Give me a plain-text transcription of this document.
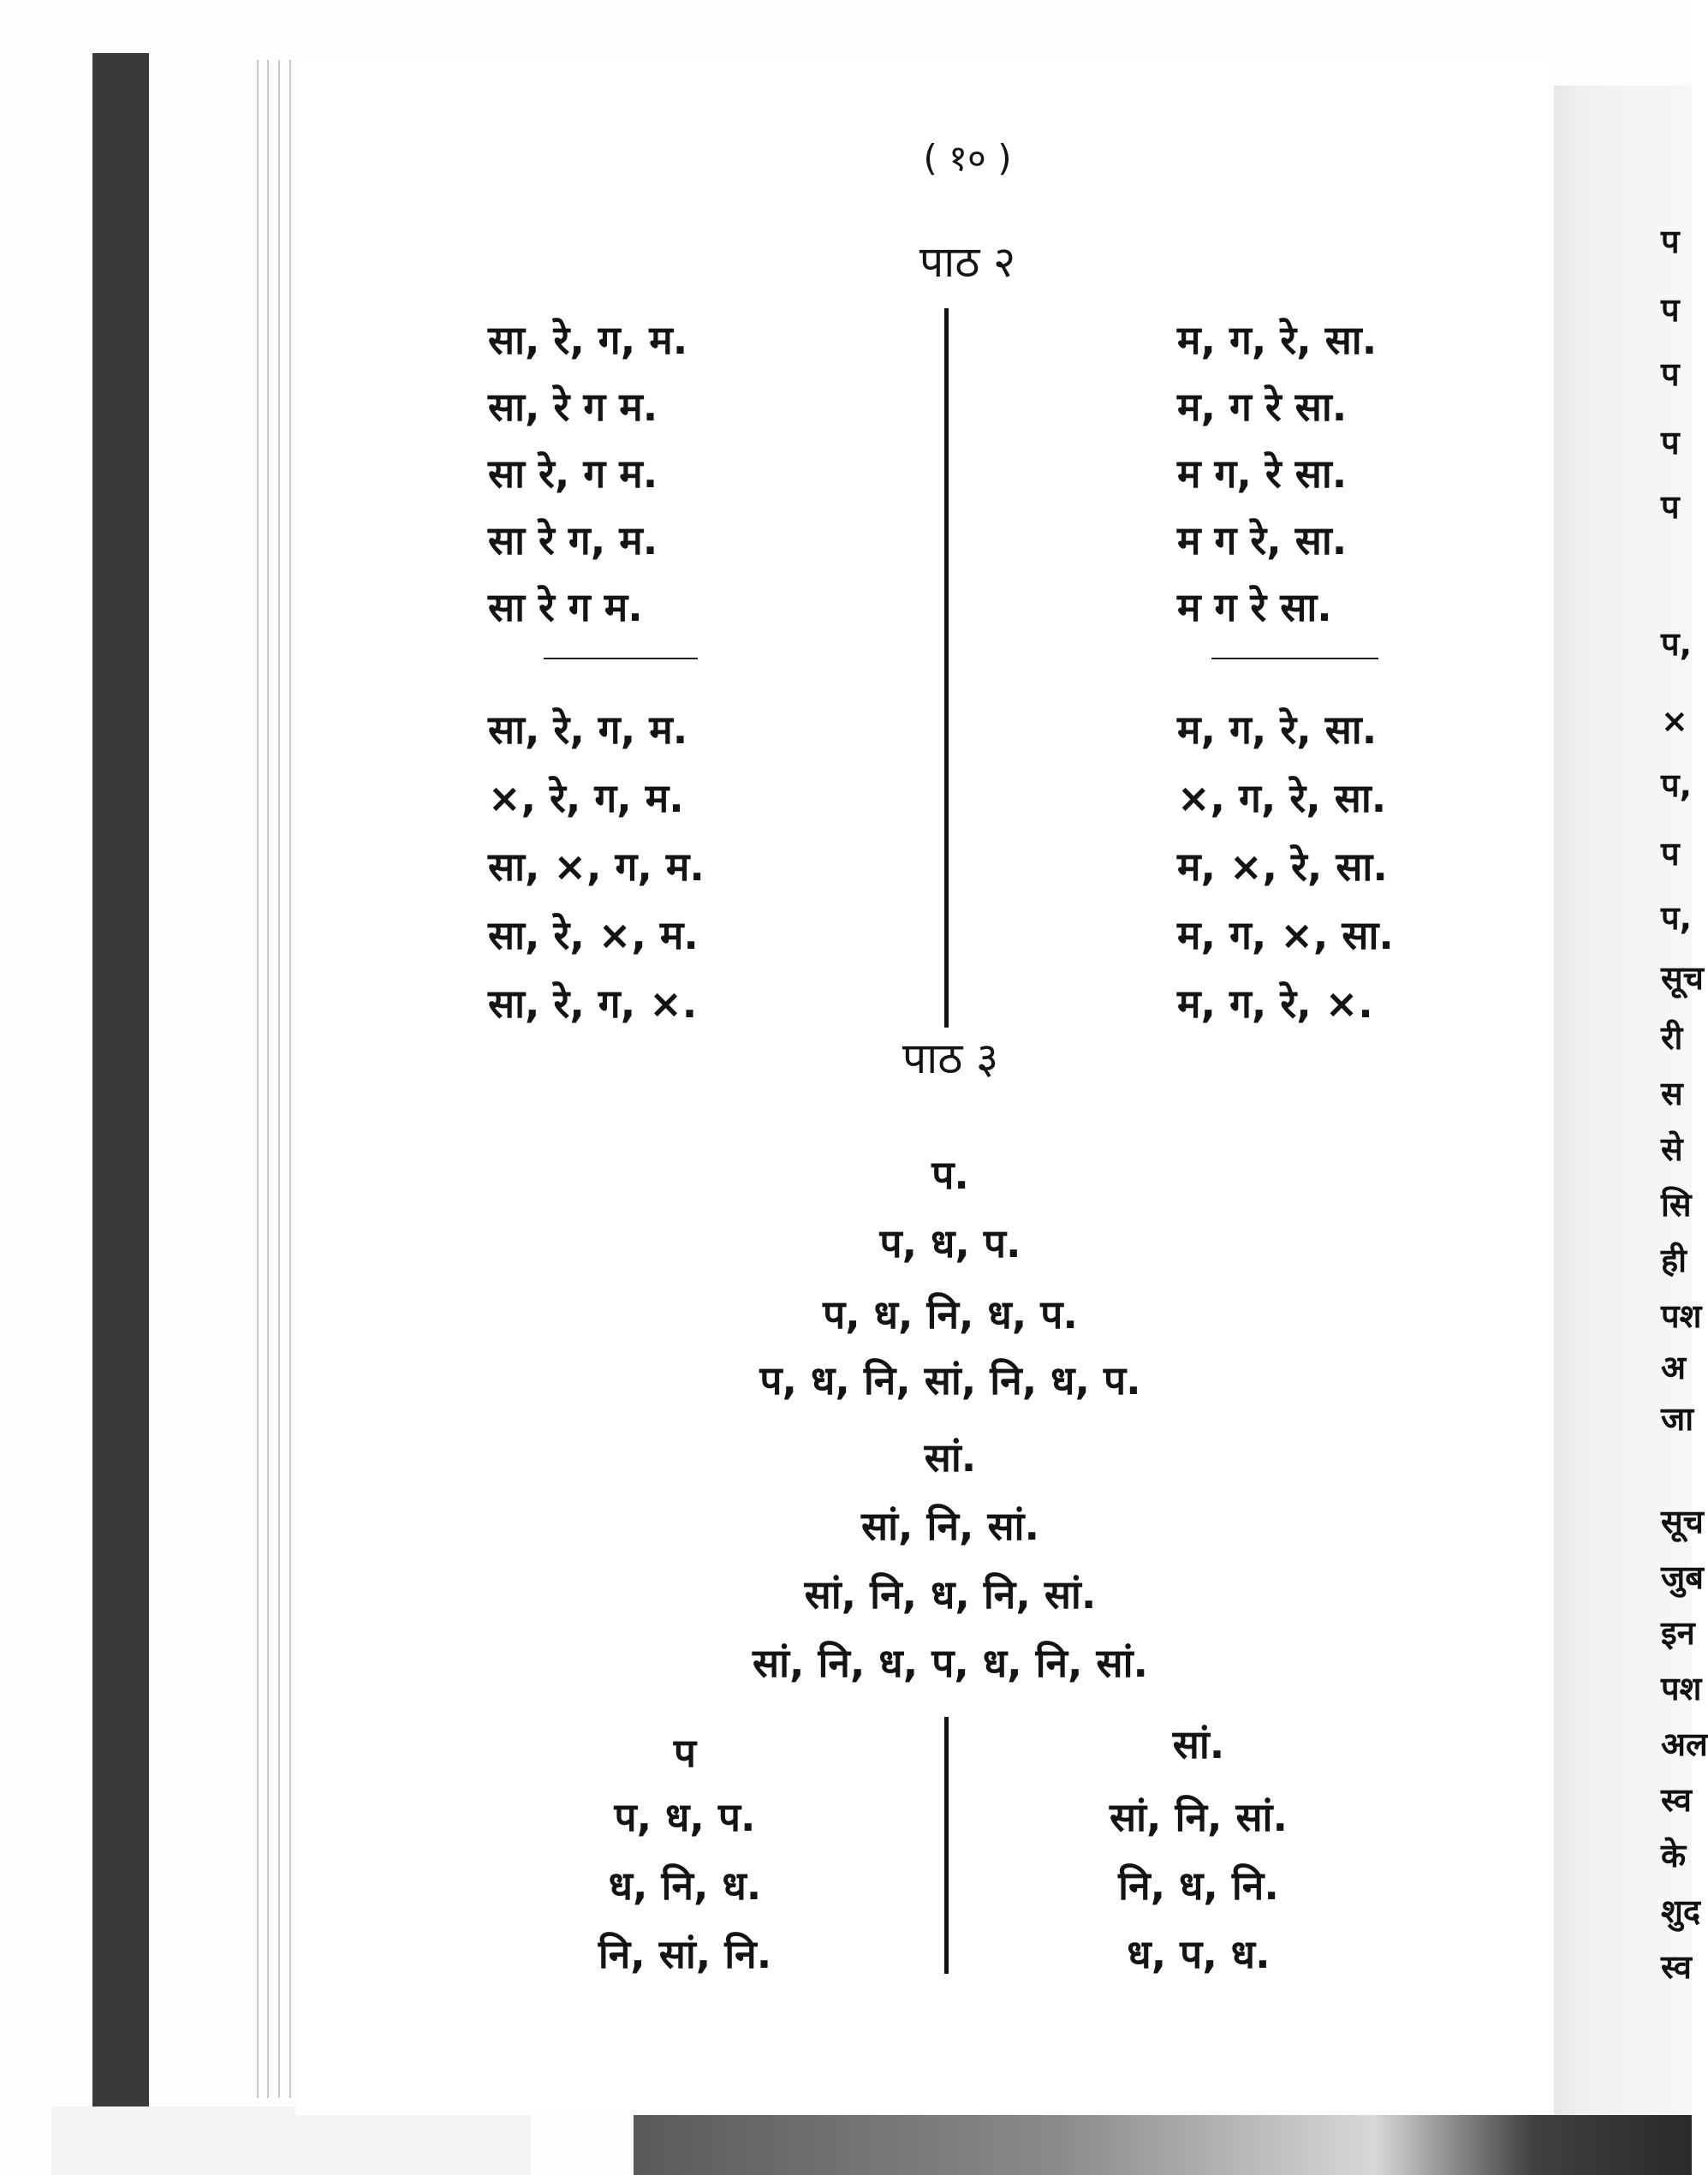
( १० )
पाठ २
सा, रे, ग, म.
सा, रे ग म.
सा रे, ग म.
सा रे ग, म.
सा रे ग म.
म, ग, रे, सा.
म, ग रे सा.
म ग, रे सा.
म ग रे, सा.
म ग रे सा.
सा, रे, ग, म.
×, रे, ग, म.
सा, ×, ग, म.
सा, रे, ×, म.
सा, रे, ग, ×.
म, ग, रे, सा.
×, ग, रे, सा.
म, ×, रे, सा.
म, ग, ×, सा.
म, ग, रे, ×.
पाठ ३
प.
प, ध, प.
प, ध, नि, ध, प.
प, ध, नि, सां, नि, ध, प.
सां.
सां, नि, सां.
सां, नि, ध, नि, सां.
सां, नि, ध, प, ध, नि, सां.
प
प, ध, प.
ध, नि, ध.
नि, सां, नि.
सां.
सां, नि, सां.
नि, ध, नि.
ध, प, ध.
प
प
प
प
प
प,
×
प,
प
प,
सूच
री
स
से
सि
ही
पश
अ
जा
सूच
जुब
इन
पश
अल
स्व
के
शुद
स्व
